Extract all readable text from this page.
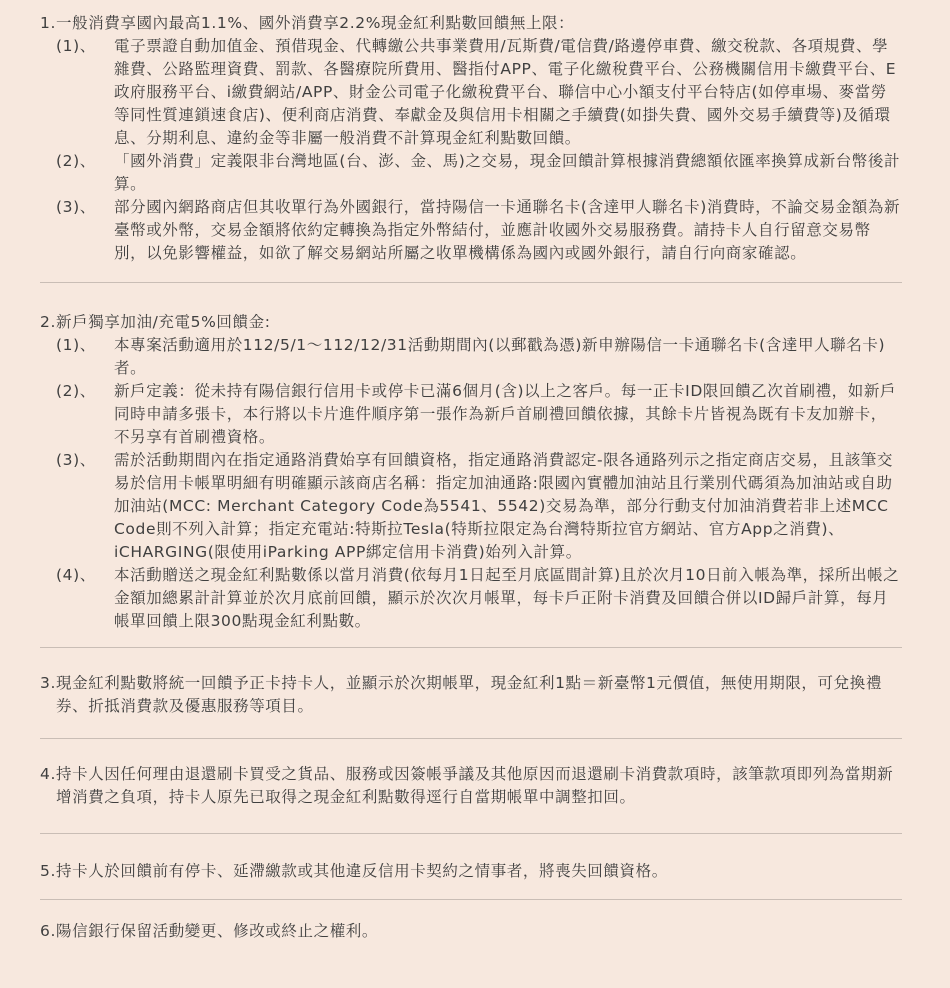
1.一般消費享國內最高1.1%、國外消費享2.2%現金紅利點數回饋無上限：
(1)、	電子票證自動加值金、預借現金、代轉繳公共事業費用/瓦斯費/電信費/路邊停車費、繳交稅款、各項規費、學雜費、公路監理資費、罰款、各醫療院所費用、醫指付APP、電子化繳稅費平台、公務機關信用卡繳費平台、E政府服務平台、i繳費網站/APP、財金公司電子化繳稅費平台、聯信中心小額支付平台特店(如停車場、麥當勞等同性質連鎖速食店)、便利商店消費、奉獻金及與信用卡相關之手續費(如掛失費、國外交易手續費等)及循環息、分期利息、違約金等非屬一般消費不計算現金紅利點數回饋。
(2)、	「國外消費」定義限非台灣地區(台、澎、金、馬)之交易，現金回饋計算根據消費總額依匯率換算成新台幣後計算。
(3)、	部分國內網路商店但其收單行為外國銀行，當持陽信一卡通聯名卡(含達甲人聯名卡)消費時，不論交易金額為新臺幣或外幣，交易金額將依約定轉換為指定外幣結付，並應計收國外交易服務費。請持卡人自行留意交易幣別，以免影響權益，如欲了解交易網站所屬之收單機構係為國內或國外銀行，請自行向商家確認。
2.新戶獨享加油/充電5%回饋金:
(1)、	本專案活動適用於112/5/1～112/12/31活動期間內(以郵戳為憑)新申辦陽信一卡通聯名卡(含達甲人聯名卡)者。
(2)、	新戶定義：從未持有陽信銀行信用卡或停卡已滿6個月(含)以上之客戶。每一正卡ID限回饋乙次首刷禮，如新戶同時申請多張卡，本行將以卡片進件順序第一張作為新戶首刷禮回饋依據，其餘卡片皆視為既有卡友加辦卡，不另享有首刷禮資格。
(3)、	需於活動期間內在指定通路消費始享有回饋資格，指定通路消費認定-限各通路列示之指定商店交易，且該筆交易於信用卡帳單明細有明確顯示該商店名稱：指定加油通路:限國內實體加油站且行業別代碼須為加油站或自助加油站(MCC: Merchant Category Code為5541、5542)交易為準，部分行動支付加油消費若非上述MCC Code則不列入計算；指定充電站:特斯拉Tesla(特斯拉限定為台灣特斯拉官方網站、官方App之消費)、iCHARGING(限使用iParking APP綁定信用卡消費)始列入計算。
(4)、	本活動贈送之現金紅利點數係以當月消費(依每月1日起至月底區間計算)且於次月10日前入帳為準，採所出帳之金額加總累計計算並於次月底前回饋，顯示於次次月帳單，每卡戶正附卡消費及回饋合併以ID歸戶計算，每月帳單回饋上限300點現金紅利點數。
3.現金紅利點數將統一回饋予正卡持卡人，並顯示於次期帳單，現金紅利1點＝新臺幣1元價值，無使用期限，可兌換禮券、折抵消費款及優惠服務等項目。
4.持卡人因任何理由退還刷卡買受之貨品、服務或因簽帳爭議及其他原因而退還刷卡消費款項時，該筆款項即列為當期新增消費之負項，持卡人原先已取得之現金紅利點數得逕行自當期帳單中調整扣回。
5.持卡人於回饋前有停卡、延滯繳款或其他違反信用卡契約之情事者，將喪失回饋資格。
6.陽信銀行保留活動變更、修改或終止之權利。
